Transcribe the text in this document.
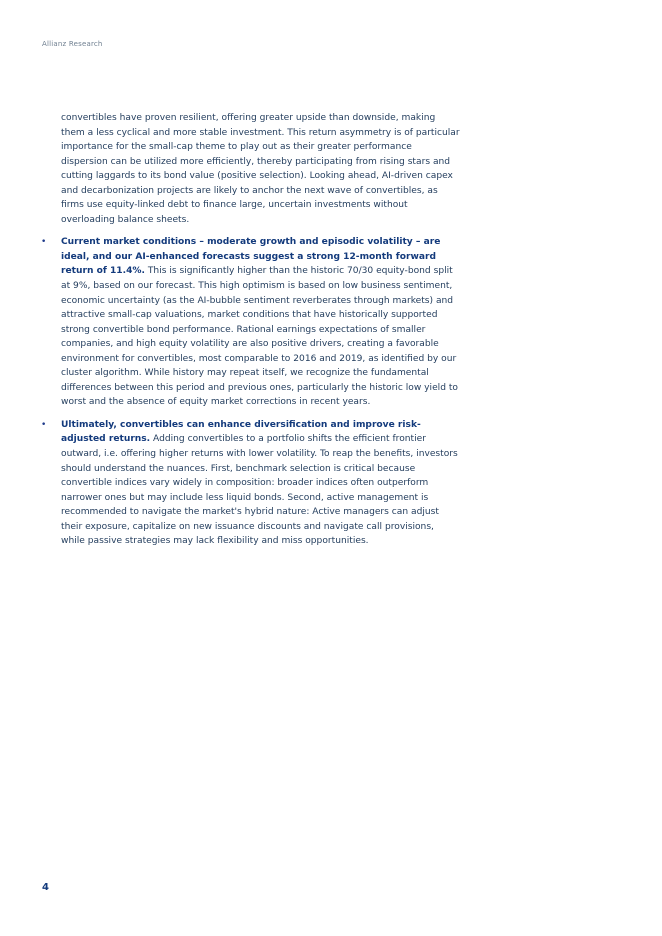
Allianz Research

convertibles have proven resilient, offering greater upside than downside, making them a less cyclical and more stable investment. This return asymmetry is of particular importance for the small-cap theme to play out as their greater performance dispersion can be utilized more efficiently, thereby participating from rising stars and cutting laggards to its bond value (positive selection). Looking ahead, AI-driven capex and decarbonization projects are likely to anchor the next wave of convertibles, as firms use equity-linked debt to finance large, uncertain investments without overloading balance sheets.

• Current market conditions – moderate growth and episodic volatility – are ideal, and our AI-enhanced forecasts suggest a strong 12-month forward return of 11.4%. This is significantly higher than the historic 70/30 equity-bond split at 9%, based on our forecast. This high optimism is based on low business sentiment, economic uncertainty (as the AI-bubble sentiment reverberates through markets) and attractive small-cap valuations, market conditions that have historically supported strong convertible bond performance. Rational earnings expectations of smaller companies, and high equity volatility are also positive drivers, creating a favorable environment for convertibles, most comparable to 2016 and 2019, as identified by our cluster algorithm. While history may repeat itself, we recognize the fundamental differences between this period and previous ones, particularly the historic low yield to worst and the absence of equity market corrections in recent years.
• Ultimately, convertibles can enhance diversification and improve risk-adjusted returns. Adding convertibles to a portfolio shifts the efficient frontier outward, i.e. offering higher returns with lower volatility. To reap the benefits, investors should understand the nuances. First, benchmark selection is critical because convertible indices vary widely in composition: broader indices often outperform narrower ones but may include less liquid bonds. Second, active management is recommended to navigate the market's hybrid nature: Active managers can adjust their exposure, capitalize on new issuance discounts and navigate call provisions, while passive strategies may lack flexibility and miss opportunities.
4
